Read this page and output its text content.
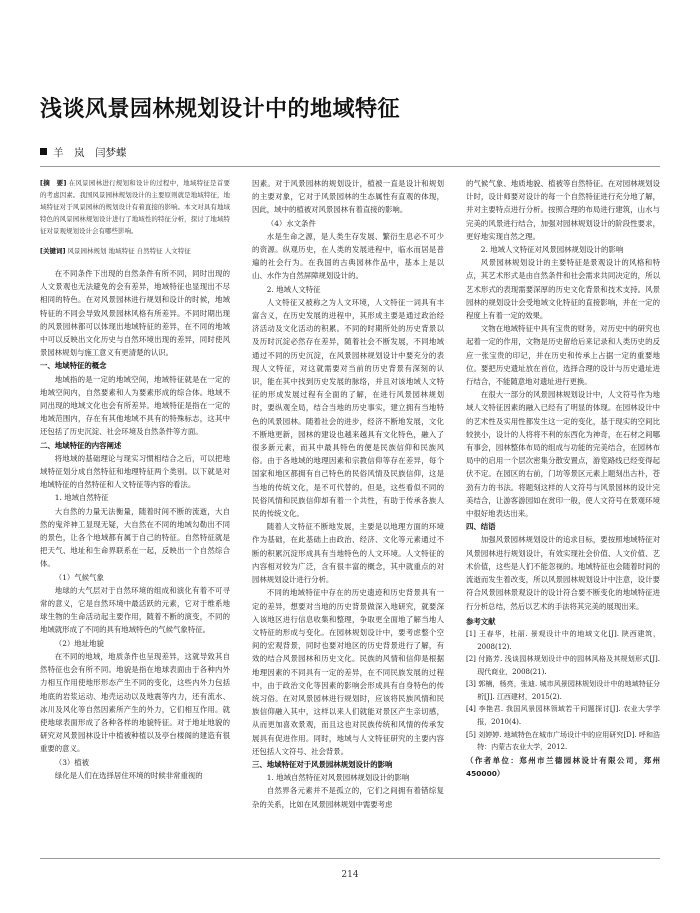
浅谈风景园林规划设计中的地域特征
羊　岚　闫梦蝶

[摘　要] 在风景园林进行规划和设计的过程中，地域特征是首要的考虑因素。我国风景园林规划设计的主要原则就是地域特征，地域特征对于风景园林的规划设计有着直接的影响。本文对具有地域特色的风景园林规划设计进行了地域性的特征分析，探讨了地域特征对景观规划设计会有哪些影响。

[关键词] 风景园林规划 地域特征 自然特征 人文特征

在不同条件下出现的自然条件有所不同，同时出现的人文景观也无法避免的会有差异，地域特征也显现出不尽相同的特色。在对风景园林进行规划和设计的时候，地域特征的不同会导致风景园林风格有所差异。不同时期出现的风景园林都可以体现出地域特征的差异，在不同的地域中可以反映出文化历史与自然环境出现的差异，同时使风景园林规划与施工意义有更清楚的认识。

一、地域特征的概念

地域指的是一定的地域空间，地域特征就是在一定的地域空间内，自然要素和人为要素形成的综合体。地域不同出现的地域文化也会有所差异。地域特征是指在一定的地域范围内，存在有其他地域不具有的特殊标志，这其中还包括了历史沉淀、社会环境及自然条件等方面。

二、地域特征的内容阐述

将地域的基础理论与现实习惯相结合之后，可以把地域特征划分成自然特征和地理特征两个类别。以下就是对地域特征的自然特征和人文特征等内容的看法。

1. 地域自然特征

大自然的力量无法衡量，随着时间不断的流逝，大自然的鬼斧神工显现无疑，大自然在不同的地域勾勒出不同的景色，让各个地域都有属于自己的特征。自然特征就是把天气、地址和生命界联系在一起，反映出一个自然综合体。

（1）气候气象

地球的大气层对于自然环境的组成和演化有着不可寻常的意义，它是自然环境中最活跃的元素，它对于维系地球生物的生命活动起主要作用，随着不断的演变，不同的地域就形成了不同的具有地域特色的气候气象特征。

（2）地址地貌

在不同的地域，地质条件也呈现差异，这就导致其自然特征也会有所不同。地貌是指在地球表面由于各种内外力相互作用使地形形态产生不同的变化，这些内外力包括地底的岩浆运动、地壳运动以及地震等内力，还有流水、冰川及风化等自然因素所产生的外力，它们相互作用。就使地球表面形成了各种各样的地貌特征。对于地址地貌的研究对风景园林设计中植被种植以及亭台楼阁的建造有很重要的意义。

（3）植被

绿化是人们在选择居住环境的时候非常重视的

因素。对于风景园林的规划设计，植被一直是设计和规划的主要对象，它对于风景园林的生态属性有直观的体现，因此，域中的植被对风景园林有着直接的影响。

（4）水文条件

水是生命之源，是人类生存发展、繁衍生息必不可少的资源。纵观历史，在人类的发展进程中，临水而居是普遍的社会行为。在我国的古典园林作品中，基本上是以山、水作为自然屏障规划设计的。

2. 地域人文特征

人文特征又被称之为人文环境，人文特征一词具有丰富含义，在历史发展的进程中，其形成主要是通过政治经济活动及文化活动的积累。不同的时期所处的历史背景以及历时沉淀必然存在差异，随着社会不断发展，不同地域通过不同的历史沉淀，在风景园林规划设计中要充分的表现人文特征，对这就需要对当前的历史背景有深刻的认识，能在其中找到历史发展的脉络，并且对该地域人文特征的形成发展过程有全面的了解，在进行风景园林规划时，要纵观全局，结合当地的历史事实，建立拥有当地特色的风景园林。随着社会的进步，经济不断地发展，文化不断地更新，园林的建设也越来越具有文化特色，融入了很多新元素，而其中最具特色的便是民族信仰和民族风俗。由于各地域的地理因素和宗教信仰等存在差异，每个国家和地区都拥有自己特色的民俗风情及民族信仰，这是当地的传统文化，是不可代替的。但是，这些看似不同的民俗风情和民族信仰却有着一个共性，有助于传承各族人民的传统文化。

随着人文特征不断地发展，主要是以地理方面的环境作为基础，在此基础上由政治、经济、文化等元素通过不断的积累沉淀形成具有当地特色的人文环境。人文特征的内容相对较为广泛，含有很丰富的概念，其中就重点的对园林规划设计进行分析。

不同的地域特征中存在的历史遗迹和历史背景具有一定的差异，想要对当地的历史背景做深入地研究，就要深入该地区进行信息收集和整理，争取更全面地了解当地人文特征的形成与变化。在园林规划设计中，要考虑整个空间的宏观背景，同时也要对地区的历史背景进行了解，有效的结合风景园林和历史文化。民族的风情和信仰是根据地理因素的不同具有一定的差异，在不同民族发展的过程中，由于政治文化等因素的影响会形成具有自身特色的传统习俗。在对风景园林进行规划时，应该将民族风情和民族信仰融入其中，这样以来人们就能对景区产生亲切感，从而更加喜欢景观，而且这也对民族传统和风情的传承发展具有促进作用。同时，地域与人文特征研究的主要内容还包括人文符号、社会背景。

三、地域特征对于风景园林规划设计的影响

1. 地域自然特征对风景园林规划设计的影响

自然界各元素并不是孤立的，它们之间拥有着错综复杂的关系，比如在风景园林规划中需要考虑

的气候气象、地质地貌、植被等自然特征。在对园林规划设计时，设计师要对设计的每一个自然特征进行充分地了解，并对主要特点进行分析。按照合理的布局进行建筑，山水与完美的风景进行结合，加强对园林规划设计的阶段性要求，更好地实现自然之理。

2. 地域人文特征对风景园林规划设计的影响

风景园林规划设计的主要特征是景观设计的风格和特点，其艺术形式是由自然条件和社会需求共同决定的，所以艺术形式的表现需要深厚的历史文化背景和技术支持。风景园林的规划设计会受地域文化特征的直接影响，并在一定的程度上有着一定的效果。

文物在地域特征中具有宝贵的财务，对历史中的研究也起着一定的作用，文物是历史留给后来记录和人类历史的反应一张宝贵的印记，并在历史和传承上占据一定的重要地位。要把历史遗址放在首位，选择合理的设计与历史遗址进行结合，不能随意地对遗址进行更换。

在很大一部分的风景园林规划设计中，人文符号作为地域人文特征因素的融入已经有了明显的体现。在园林设计中的艺术性及实用性都发生这一定的变化，基于现实的空间比较狭小，设计的人将将不利的东西化为神奇，在石材之间哪有事会，园林整体布局的组成与功能的完美结合，在园林布局中的启用一个层次密集分散安置点，游览路线已经变得起伏不定。在园区的右前，门坊等景区元素上题刻出古朴，苍劲有力的书法。将题刻这样的人文符号与风景园林的设计完美结合，让游客游园如在赏印一般，使人文符号在景观环境中很好地表达出来。

四、结语

加强风景园林规划设计的追求目标，要按照地域特征对风景园林进行规划设计，有效实现社会价值、人文价值、艺术价值，这些是人们不能忽视的。地域特征也会随着时间的流逝而发生着改变，所以风景园林规划设计中注意，设计要符合风景园林景观设计的设计符合要不断变化的地域特征进行分析总结，然后以艺术的手法将其完美的展现出来。

参考文献

[1] 王春华，杜丽. 景观设计中的地域文化[J]. 陕西建筑，2008(12).

[2] 付路芳. 浅谈园林规划设计中的园林风格及其规划形式[J]. 现代商业，2008(21).

[3] 郭楠，杨亮，张迪. 城市风景园林规划设计中的地域特征分析[J]. 江西建材，2015(2).

[4] 李艳君. 我国风景园林领域若干问题探讨[J]. 农业大学学报，2010(4).

[5] 刘婷婷. 地域特色在城市广场设计中的应用研究[D]. 呼和浩特：内蒙古农业大学，2012.

（作者单位：郑州市兰德园林设计有限公司，郑州 450000）

214
